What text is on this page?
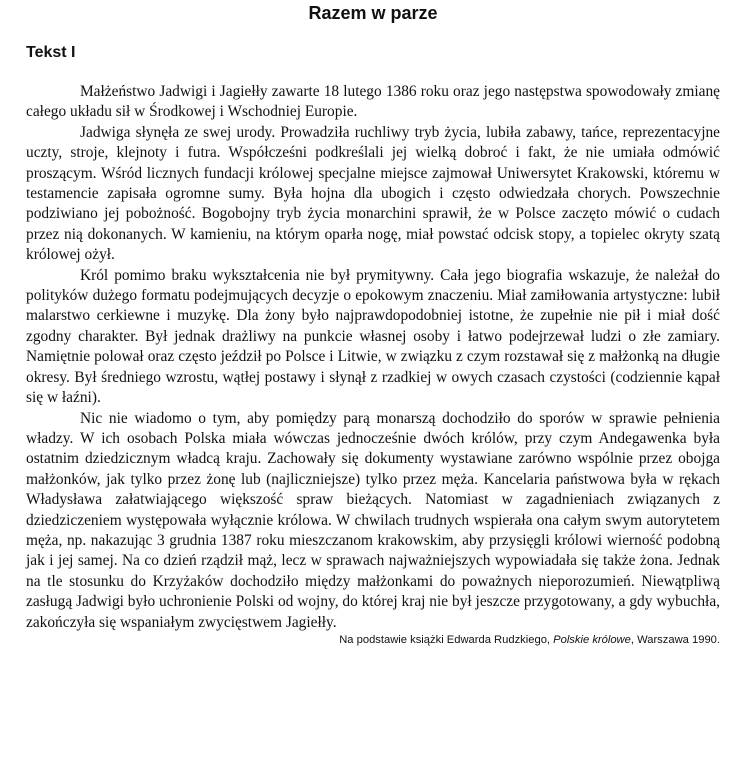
Razem w parze
Tekst I

Małżeństwo Jadwigi i Jagiełły zawarte 18 lutego 1386 roku oraz jego następstwa spowodowały zmianę całego układu sił w Środkowej i Wschodniej Europie.

Jadwiga słynęła ze swej urody. Prowadziła ruchliwy tryb życia, lubiła zabawy, tańce, reprezentacyjne uczty, stroje, klejnoty i futra. Współcześni podkreślali jej wielką dobroć i fakt, że nie umiała odmówić proszącym. Wśród licznych fundacji królowej specjalne miejsce zajmował Uniwersytet Krakowski, któremu w testamencie zapisała ogromne sumy. Była hojna dla ubogich i często odwiedzała chorych. Powszechnie podziwiano jej pobożność. Bogobojny tryb życia monarchini sprawił, że w Polsce zaczęto mówić o cudach przez nią dokonanych. W kamieniu, na którym oparła nogę, miał powstać odcisk stopy, a topielec okryty szatą królowej ożył.

Król pomimo braku wykształcenia nie był prymitywny. Cała jego biografia wskazuje, że należał do polityków dużego formatu podejmujących decyzje o epokowym znaczeniu. Miał zamiłowania artystyczne: lubił malarstwo cerkiewne i muzykę. Dla żony było najprawdopodobniej istotne, że zupełnie nie pił i miał dość zgodny charakter. Był jednak drażliwy na punkcie własnej osoby i łatwo podejrzewał ludzi o złe zamiary. Namiętnie polował oraz często jeździł po Polsce i Litwie, w związku z czym rozstawał się z małżonką na długie okresy. Był średniego wzrostu, wątłej postawy i słynął z rzadkiej w owych czasach czystości (codziennie kąpał się w łaźni).

Nic nie wiadomo o tym, aby pomiędzy parą monarszą dochodziło do sporów w sprawie pełnienia władzy. W ich osobach Polska miała wówczas jednocześnie dwóch królów, przy czym Andegawenka była ostatnim dziedzicznym władcą kraju. Zachowały się dokumenty wystawiane zarówno wspólnie przez obojga małżonków, jak tylko przez żonę lub (najliczniejsze) tylko przez męża. Kancelaria państwowa była w rękach Władysława załatwiającego większość spraw bieżących. Natomiast w zagadnieniach związanych z dziedziczeniem występowała wyłącznie królowa. W chwilach trudnych wspierała ona całym swym autorytetem męża, np. nakazując 3 grudnia 1387 roku mieszczanom krakowskim, aby przysięgli królowi wierność podobną jak i jej samej. Na co dzień rządził mąż, lecz w sprawach najważniejszych wypowiadała się także żona. Jednak na tle stosunku do Krzyżaków dochodziło między małżonkami do poważnych nieporozumień. Niewątpliwą zasługą Jadwigi było uchronienie Polski od wojny, do której kraj nie był jeszcze przygotowany, a gdy wybuchła, zakończyła się wspaniałym zwycięstwem Jagiełły.

Na podstawie książki Edwarda Rudzkiego, Polskie królowe, Warszawa 1990.
